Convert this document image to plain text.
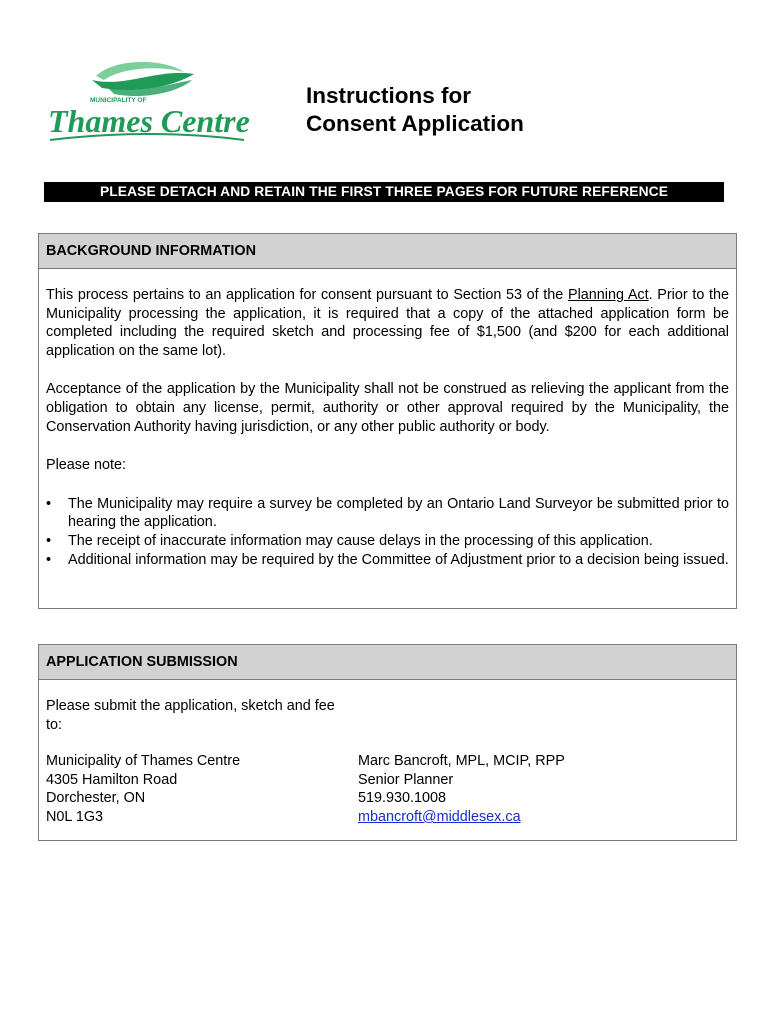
MUNICIPALITY OF
Thames Centre
Instructions for
Consent Application
PLEASE DETACH AND RETAIN THE FIRST THREE PAGES FOR FUTURE REFERENCE
BACKGROUND INFORMATION

This process pertains to an application for consent pursuant to Section 53 of the Planning Act. Prior to the Municipality processing the application, it is required that a copy of the attached application form be completed including the required sketch and processing fee of $1,500 (and $200 for each additional application on the same lot).

Acceptance of the application by the Municipality shall not be construed as relieving the applicant from the obligation to obtain any license, permit, authority or other approval required by the Municipality, the Conservation Authority having jurisdiction, or any other public authority or body.

Please note:

• The Municipality may require a survey be completed by an Ontario Land Surveyor be submitted prior to hearing the application.
• The receipt of inaccurate information may cause delays in the processing of this application.
• Additional information may be required by the Committee of Adjustment prior to a decision being issued.
APPLICATION SUBMISSION

Please submit the application, sketch and fee to:

Municipality of Thames Centre

4305 Hamilton Road

Dorchester, ON

N0L 1G3

Marc Bancroft, MPL, MCIP, RPP

Senior Planner

519.930.1008

mbancroft@middlesex.ca
